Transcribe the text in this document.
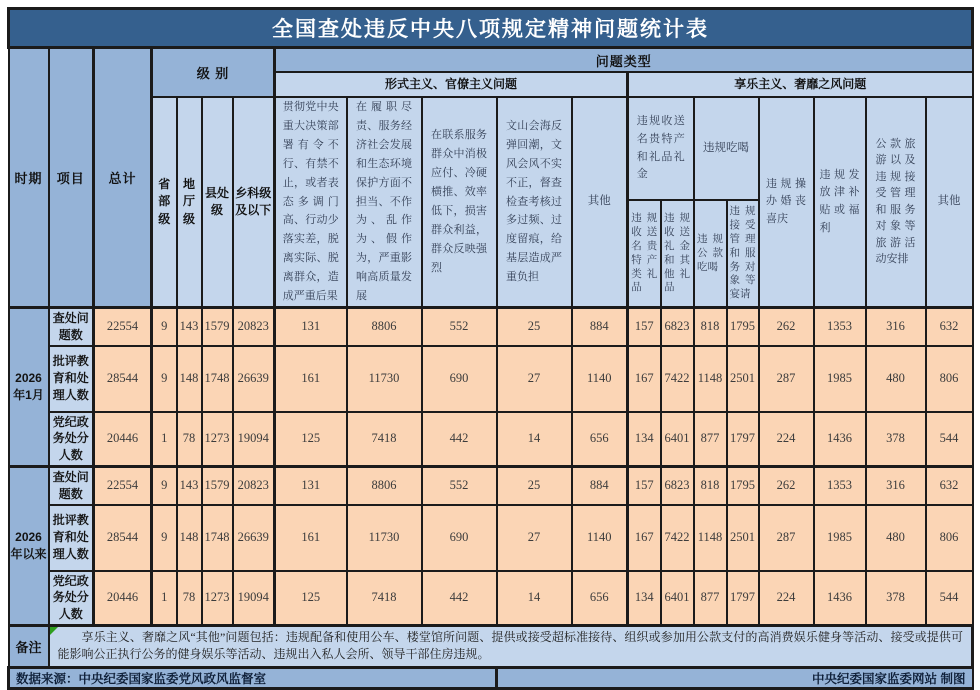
全国查处违反中央八项规定精神问题统计表																			
时期	项目	总计	级 别				问题类型												
							形式主义、官僚主义问题					享乐主义、奢靡之风问题							

			省部级	地厅级	县处级	乡科级及以下	贯彻党中央重大决策部署有令不行、有禁不止，或者表态多调门高、行动少落实差，脱离实际、脱离群众，造成严重后果	在履职尽责、服务经济社会发展和生态环境保护方面不担当、不作为、乱作为、假作为，严重影响高质量发展	在联系服务群众中消极应付、冷硬横推、效率低下，损害群众利益，群众反映强烈	文山会海反弹回潮，文风会风不实不正，督查检查考核过多过频、过度留痕，给基层造成严重负担	其他	违规收送名贵特产和礼品礼金		违规吃喝		违规操办婚丧喜庆	违规发放津补贴或福利	公款旅游以及违规接受管理和服务对象等旅游活动安排	其他

												违规收送名贵特产类礼品	违规收送礼金和其他礼品	违规公款吃喝	违规接受管理和服务对象等宴请				

2026年1月	查处问题数	22554	9	143	1579	20823	131	8806	552	25	884	157	6823	818	1795	262	1353	316	632
	批评教育和处理人数	28544	9	148	1748	26639	161	11730	690	27	1140	167	7422	1148	2501	287	1985	480	806
	党纪政务处分人数	20446	1	78	1273	19094	125	7418	442	14	656	134	6401	877	1797	224	1436	378	544
2026年以来	查处问题数	22554	9	143	1579	20823	131	8806	552	25	884	157	6823	818	1795	262	1353	316	632
	批评教育和处理人数	28544	9	148	1748	26639	161	11730	690	27	1140	167	7422	1148	2501	287	1985	480	806
	党纪政务处分人数	20446	1	78	1273	19094	125	7418	442	14	656	134	6401	877	1797	224	1436	378	544
备注	享乐主义、奢靡之风“其他”问题包括：违规配备和使用公车、楼堂馆所问题、提供或接受超标准接待、组织或参加用公款支付的高消费娱乐健身等活动、接受或提供可能影响公正执行公务的健身娱乐等活动、违规出入私人会所、领导干部住房违规。																		

数据来源：中央纪委国家监委党风政风监督室										中央纪委国家监委网站 制图									
